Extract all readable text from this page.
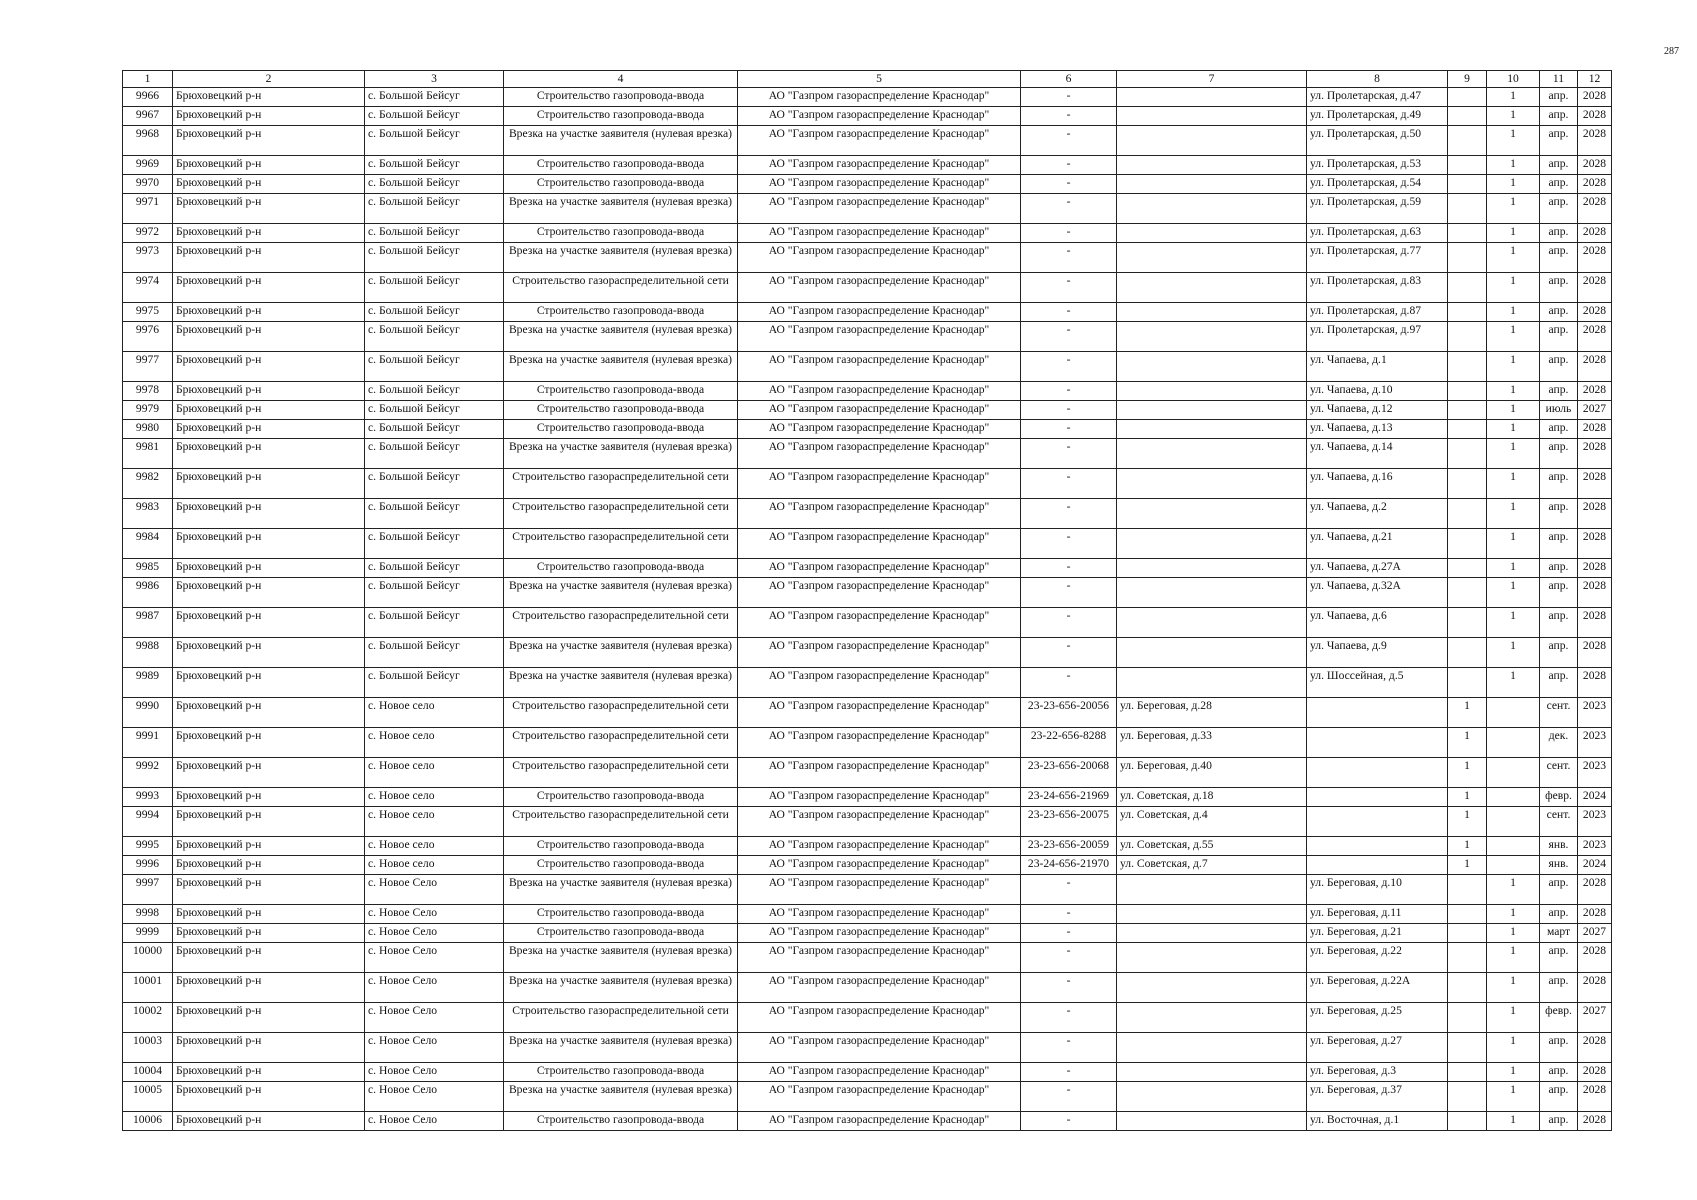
287
1	2	3	4	5	6	7	8	9	10	11	12
9966	Брюховецкий р-н	с. Большой Бейсуг	Строительство газопровода-ввода	АО "Газпром газораспределение Краснодар"	-		ул. Пролетарская, д.47		1	апр.	2028
9967	Брюховецкий р-н	с. Большой Бейсуг	Строительство газопровода-ввода	АО "Газпром газораспределение Краснодар"	-		ул. Пролетарская, д.49		1	апр.	2028
9968	Брюховецкий р-н	с. Большой Бейсуг	Врезка на участке заявителя (нулевая врезка)	АО "Газпром газораспределение Краснодар"	-		ул. Пролетарская, д.50		1	апр.	2028
9969	Брюховецкий р-н	с. Большой Бейсуг	Строительство газопровода-ввода	АО "Газпром газораспределение Краснодар"	-		ул. Пролетарская, д.53		1	апр.	2028
9970	Брюховецкий р-н	с. Большой Бейсуг	Строительство газопровода-ввода	АО "Газпром газораспределение Краснодар"	-		ул. Пролетарская, д.54		1	апр.	2028
9971	Брюховецкий р-н	с. Большой Бейсуг	Врезка на участке заявителя (нулевая врезка)	АО "Газпром газораспределение Краснодар"	-		ул. Пролетарская, д.59		1	апр.	2028
9972	Брюховецкий р-н	с. Большой Бейсуг	Строительство газопровода-ввода	АО "Газпром газораспределение Краснодар"	-		ул. Пролетарская, д.63		1	апр.	2028
9973	Брюховецкий р-н	с. Большой Бейсуг	Врезка на участке заявителя (нулевая врезка)	АО "Газпром газораспределение Краснодар"	-		ул. Пролетарская, д.77		1	апр.	2028
9974	Брюховецкий р-н	с. Большой Бейсуг	Строительство газораспределительной сети	АО "Газпром газораспределение Краснодар"	-		ул. Пролетарская, д.83		1	апр.	2028
9975	Брюховецкий р-н	с. Большой Бейсуг	Строительство газопровода-ввода	АО "Газпром газораспределение Краснодар"	-		ул. Пролетарская, д.87		1	апр.	2028
9976	Брюховецкий р-н	с. Большой Бейсуг	Врезка на участке заявителя (нулевая врезка)	АО "Газпром газораспределение Краснодар"	-		ул. Пролетарская, д.97		1	апр.	2028
9977	Брюховецкий р-н	с. Большой Бейсуг	Врезка на участке заявителя (нулевая врезка)	АО "Газпром газораспределение Краснодар"	-		ул. Чапаева, д.1		1	апр.	2028
9978	Брюховецкий р-н	с. Большой Бейсуг	Строительство газопровода-ввода	АО "Газпром газораспределение Краснодар"	-		ул. Чапаева, д.10		1	апр.	2028
9979	Брюховецкий р-н	с. Большой Бейсуг	Строительство газопровода-ввода	АО "Газпром газораспределение Краснодар"	-		ул. Чапаева, д.12		1	июль	2027
9980	Брюховецкий р-н	с. Большой Бейсуг	Строительство газопровода-ввода	АО "Газпром газораспределение Краснодар"	-		ул. Чапаева, д.13		1	апр.	2028
9981	Брюховецкий р-н	с. Большой Бейсуг	Врезка на участке заявителя (нулевая врезка)	АО "Газпром газораспределение Краснодар"	-		ул. Чапаева, д.14		1	апр.	2028
9982	Брюховецкий р-н	с. Большой Бейсуг	Строительство газораспределительной сети	АО "Газпром газораспределение Краснодар"	-		ул. Чапаева, д.16		1	апр.	2028
9983	Брюховецкий р-н	с. Большой Бейсуг	Строительство газораспределительной сети	АО "Газпром газораспределение Краснодар"	-		ул. Чапаева, д.2		1	апр.	2028
9984	Брюховецкий р-н	с. Большой Бейсуг	Строительство газораспределительной сети	АО "Газпром газораспределение Краснодар"	-		ул. Чапаева, д.21		1	апр.	2028
9985	Брюховецкий р-н	с. Большой Бейсуг	Строительство газопровода-ввода	АО "Газпром газораспределение Краснодар"	-		ул. Чапаева, д.27А		1	апр.	2028
9986	Брюховецкий р-н	с. Большой Бейсуг	Врезка на участке заявителя (нулевая врезка)	АО "Газпром газораспределение Краснодар"	-		ул. Чапаева, д.32А		1	апр.	2028
9987	Брюховецкий р-н	с. Большой Бейсуг	Строительство газораспределительной сети	АО "Газпром газораспределение Краснодар"	-		ул. Чапаева, д.6		1	апр.	2028
9988	Брюховецкий р-н	с. Большой Бейсуг	Врезка на участке заявителя (нулевая врезка)	АО "Газпром газораспределение Краснодар"	-		ул. Чапаева, д.9		1	апр.	2028
9989	Брюховецкий р-н	с. Большой Бейсуг	Врезка на участке заявителя (нулевая врезка)	АО "Газпром газораспределение Краснодар"	-		ул. Шоссейная, д.5		1	апр.	2028
9990	Брюховецкий р-н	с. Новое село	Строительство газораспределительной сети	АО "Газпром газораспределение Краснодар"	23-23-656-20056	ул. Береговая, д.28		1		сент.	2023
9991	Брюховецкий р-н	с. Новое село	Строительство газораспределительной сети	АО "Газпром газораспределение Краснодар"	23-22-656-8288	ул. Береговая, д.33		1		дек.	2023
9992	Брюховецкий р-н	с. Новое село	Строительство газораспределительной сети	АО "Газпром газораспределение Краснодар"	23-23-656-20068	ул. Береговая, д.40		1		сент.	2023
9993	Брюховецкий р-н	с. Новое село	Строительство газопровода-ввода	АО "Газпром газораспределение Краснодар"	23-24-656-21969	ул. Советская, д.18		1		февр.	2024
9994	Брюховецкий р-н	с. Новое село	Строительство газораспределительной сети	АО "Газпром газораспределение Краснодар"	23-23-656-20075	ул. Советская, д.4		1		сент.	2023
9995	Брюховецкий р-н	с. Новое село	Строительство газопровода-ввода	АО "Газпром газораспределение Краснодар"	23-23-656-20059	ул. Советская, д.55		1		янв.	2023
9996	Брюховецкий р-н	с. Новое село	Строительство газопровода-ввода	АО "Газпром газораспределение Краснодар"	23-24-656-21970	ул. Советская, д.7		1		янв.	2024
9997	Брюховецкий р-н	с. Новое Село	Врезка на участке заявителя (нулевая врезка)	АО "Газпром газораспределение Краснодар"	-		ул. Береговая, д.10		1	апр.	2028
9998	Брюховецкий р-н	с. Новое Село	Строительство газопровода-ввода	АО "Газпром газораспределение Краснодар"	-		ул. Береговая, д.11		1	апр.	2028
9999	Брюховецкий р-н	с. Новое Село	Строительство газопровода-ввода	АО "Газпром газораспределение Краснодар"	-		ул. Береговая, д.21		1	март	2027
10000	Брюховецкий р-н	с. Новое Село	Врезка на участке заявителя (нулевая врезка)	АО "Газпром газораспределение Краснодар"	-		ул. Береговая, д.22		1	апр.	2028
10001	Брюховецкий р-н	с. Новое Село	Врезка на участке заявителя (нулевая врезка)	АО "Газпром газораспределение Краснодар"	-		ул. Береговая, д.22А		1	апр.	2028
10002	Брюховецкий р-н	с. Новое Село	Строительство газораспределительной сети	АО "Газпром газораспределение Краснодар"	-		ул. Береговая, д.25		1	февр.	2027
10003	Брюховецкий р-н	с. Новое Село	Врезка на участке заявителя (нулевая врезка)	АО "Газпром газораспределение Краснодар"	-		ул. Береговая, д.27		1	апр.	2028
10004	Брюховецкий р-н	с. Новое Село	Строительство газопровода-ввода	АО "Газпром газораспределение Краснодар"	-		ул. Береговая, д.3		1	апр.	2028
10005	Брюховецкий р-н	с. Новое Село	Врезка на участке заявителя (нулевая врезка)	АО "Газпром газораспределение Краснодар"	-		ул. Береговая, д.37		1	апр.	2028
10006	Брюховецкий р-н	с. Новое Село	Строительство газопровода-ввода	АО "Газпром газораспределение Краснодар"	-		ул. Восточная, д.1		1	апр.	2028
